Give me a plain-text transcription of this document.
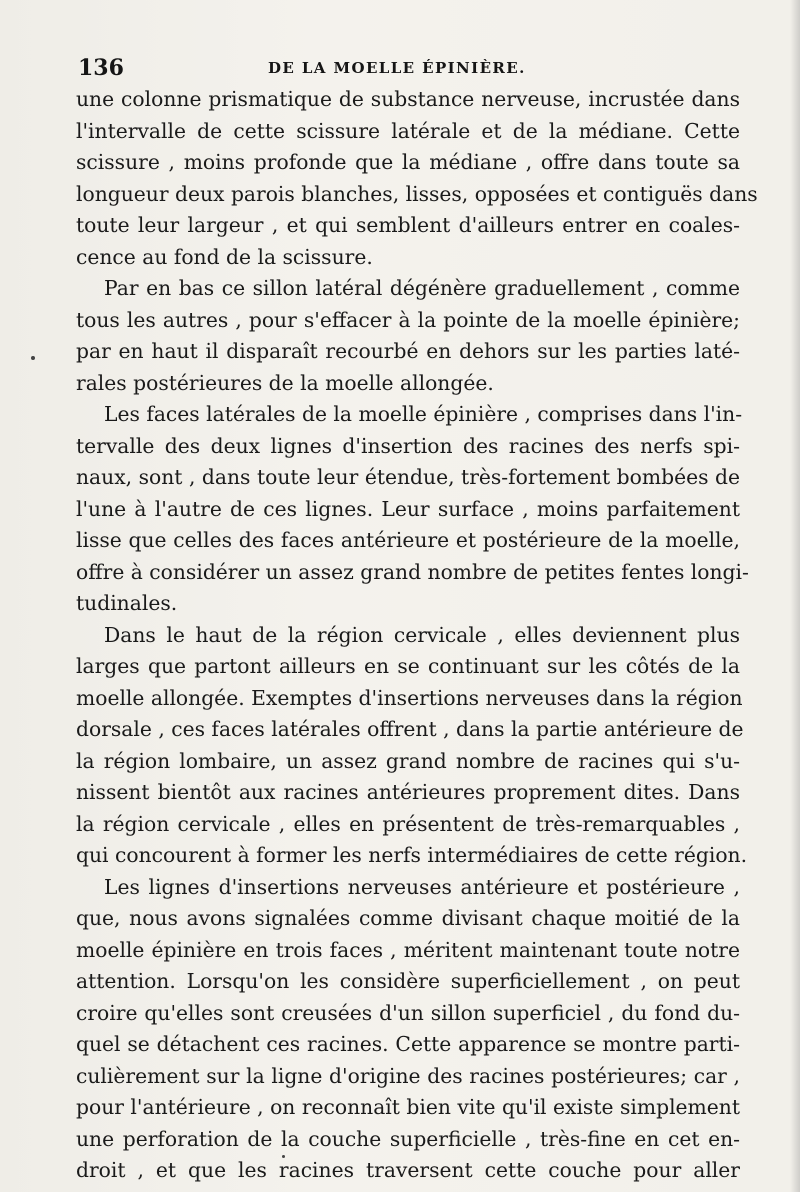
136	DE LA MOELLE ÉPINIÈRE.
une colonne prismatique de substance nerveuse, incrustée dans
l'intervalle de cette scissure latérale et de la médiane. Cette
scissure , moins profonde que la médiane , offre dans toute sa
longueur deux parois blanches, lisses, opposées et contiguës dans
toute leur largeur , et qui semblent d'ailleurs entrer en coales-
cence au fond de la scissure.
Par en bas ce sillon latéral dégénère graduellement , comme
tous les autres , pour s'effacer à la pointe de la moelle épinière;
par en haut il disparaît recourbé en dehors sur les parties laté-
rales postérieures de la moelle allongée.
Les faces latérales de la moelle épinière , comprises dans l'in-
tervalle des deux lignes d'insertion des racines des nerfs spi-
naux, sont , dans toute leur étendue, très-fortement bombées de
l'une à l'autre de ces lignes. Leur surface , moins parfaitement
lisse que celles des faces antérieure et postérieure de la moelle,
offre à considérer un assez grand nombre de petites fentes longi-
tudinales.
Dans le haut de la région cervicale , elles deviennent plus
larges que partont ailleurs en se continuant sur les côtés de la
moelle allongée. Exemptes d'insertions nerveuses dans la région
dorsale , ces faces latérales offrent , dans la partie antérieure de
la région lombaire, un assez grand nombre de racines qui s'u-
nissent bientôt aux racines antérieures proprement dites. Dans
la région cervicale , elles en présentent de très-remarquables ,
qui concourent à former les nerfs intermédiaires de cette région.
Les lignes d'insertions nerveuses antérieure et postérieure ,
que, nous avons signalées comme divisant chaque moitié de la
moelle épinière en trois faces , méritent maintenant toute notre
attention. Lorsqu'on les considère superficiellement , on peut
croire qu'elles sont creusées d'un sillon superficiel , du fond du-
quel se détachent ces racines. Cette apparence se montre parti-
culièrement sur la ligne d'origine des racines postérieures; car ,
pour l'antérieure , on reconnaît bien vite qu'il existe simplement
une perforation de la couche superficielle , très-fine en cet en-
droit , et que les racines traversent cette couche pour aller
